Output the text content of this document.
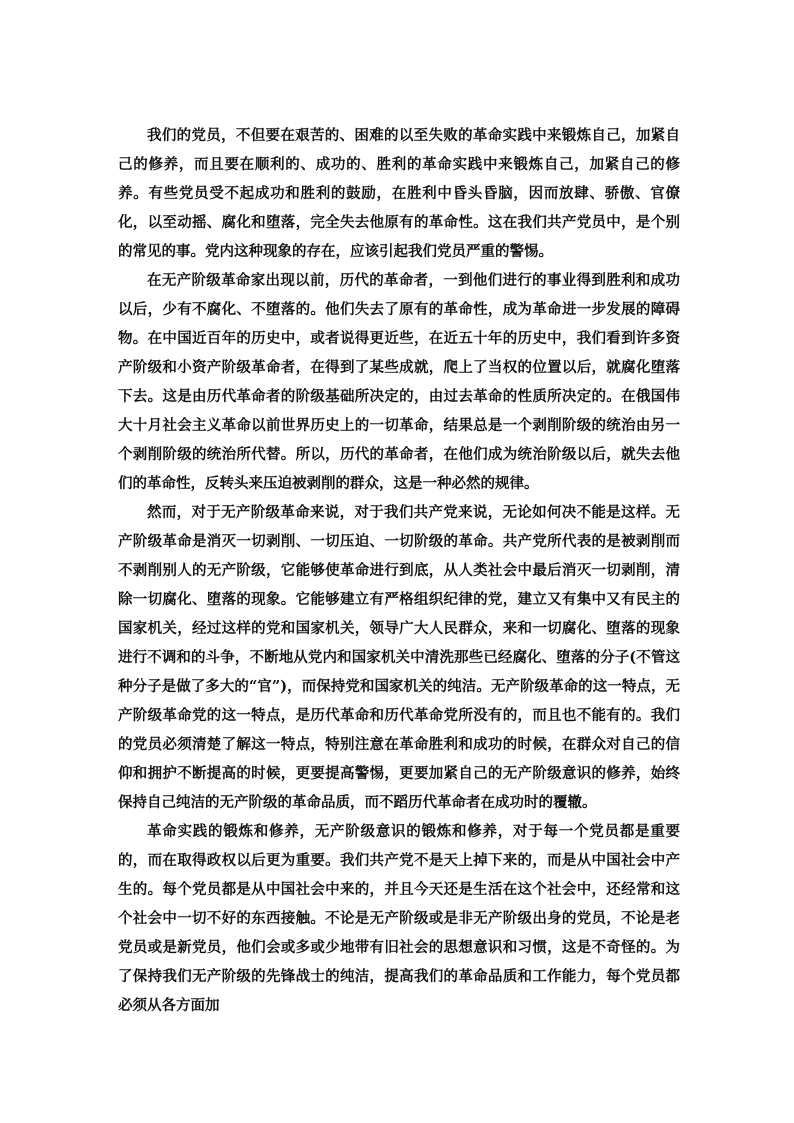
我们的党员，不但要在艰苦的、困难的以至失败的革命实践中来锻炼自己，加紧自己的修养，而且要在顺利的、成功的、胜利的革命实践中来锻炼自己，加紧自己的修养。有些党员受不起成功和胜利的鼓励，在胜利中昏头昏脑，因而放肆、骄傲、官僚化，以至动摇、腐化和堕落，完全失去他原有的革命性。这在我们共产党员中，是个别的常见的事。党内这种现象的存在，应该引起我们党员严重的警惕。

在无产阶级革命家出现以前，历代的革命者，一到他们进行的事业得到胜利和成功以后，少有不腐化、不堕落的。他们失去了原有的革命性，成为革命进一步发展的障碍物。在中国近百年的历史中，或者说得更近些，在近五十年的历史中，我们看到许多资产阶级和小资产阶级革命者，在得到了某些成就，爬上了当权的位置以后，就腐化堕落下去。这是由历代革命者的阶级基础所决定的，由过去革命的性质所决定的。在俄国伟大十月社会主义革命以前世界历史上的一切革命，结果总是一个剥削阶级的统治由另一个剥削阶级的统治所代替。所以，历代的革命者，在他们成为统治阶级以后，就失去他们的革命性，反转头来压迫被剥削的群众，这是一种必然的规律。

然而，对于无产阶级革命来说，对于我们共产党来说，无论如何决不能是这样。无产阶级革命是消灭一切剥削、一切压迫、一切阶级的革命。共产党所代表的是被剥削而不剥削别人的无产阶级，它能够使革命进行到底，从人类社会中最后消灭一切剥削，清除一切腐化、堕落的现象。它能够建立有严格组织纪律的党，建立又有集中又有民主的国家机关，经过这样的党和国家机关，领导广大人民群众，来和一切腐化、堕落的现象进行不调和的斗争，不断地从党内和国家机关中清洗那些已经腐化、堕落的分子(不管这种分子是做了多大的“官”)，而保持党和国家机关的纯洁。无产阶级革命的这一特点，无产阶级革命党的这一特点，是历代革命和历代革命党所没有的，而且也不能有的。我们的党员必须清楚了解这一特点，特别注意在革命胜利和成功的时候，在群众对自己的信仰和拥护不断提高的时候，更要提高警惕，更要加紧自己的无产阶级意识的修养，始终保持自己纯洁的无产阶级的革命品质，而不蹈历代革命者在成功时的覆辙。

革命实践的锻炼和修养，无产阶级意识的锻炼和修养，对于每一个党员都是重要的，而在取得政权以后更为重要。我们共产党不是天上掉下来的，而是从中国社会中产生的。每个党员都是从中国社会中来的，并且今天还是生活在这个社会中，还经常和这个社会中一切不好的东西接触。不论是无产阶级或是非无产阶级出身的党员，不论是老党员或是新党员，他们会或多或少地带有旧社会的思想意识和习惯，这是不奇怪的。为了保持我们无产阶级的先锋战士的纯洁，提高我们的革命品质和工作能力，每个党员都必须从各方面加
